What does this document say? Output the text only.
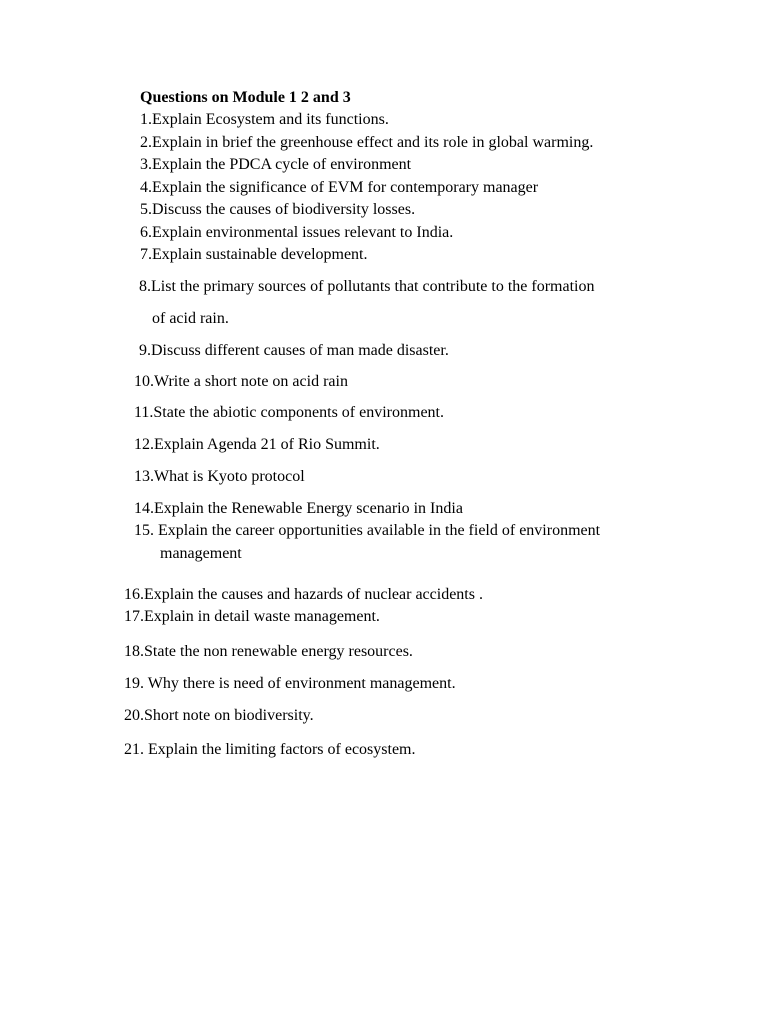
Questions on Module 1 2 and 3
1.Explain Ecosystem and its functions.
2.Explain in brief the greenhouse effect and its role in global warming.
3.Explain the PDCA cycle of environment
4.Explain the significance of EVM for contemporary manager
5.Discuss the causes of biodiversity losses.
6.Explain environmental issues relevant to India.
7.Explain sustainable development.
8.List the primary sources of pollutants that contribute to the formation
of acid rain.
9.Discuss different causes of man made disaster.
10.Write a short note on acid rain
11.State the abiotic components of environment.
12.Explain Agenda 21 of Rio Summit.
13.What is Kyoto protocol
14.Explain the Renewable Energy scenario in India
15. Explain the career opportunities available in the field of environment
management
16.Explain the causes and hazards of nuclear accidents .
17.Explain in detail waste management.
18.State the non renewable energy resources.
19. Why there is need of environment management.
20.Short note on biodiversity.
21. Explain the limiting factors of ecosystem.
